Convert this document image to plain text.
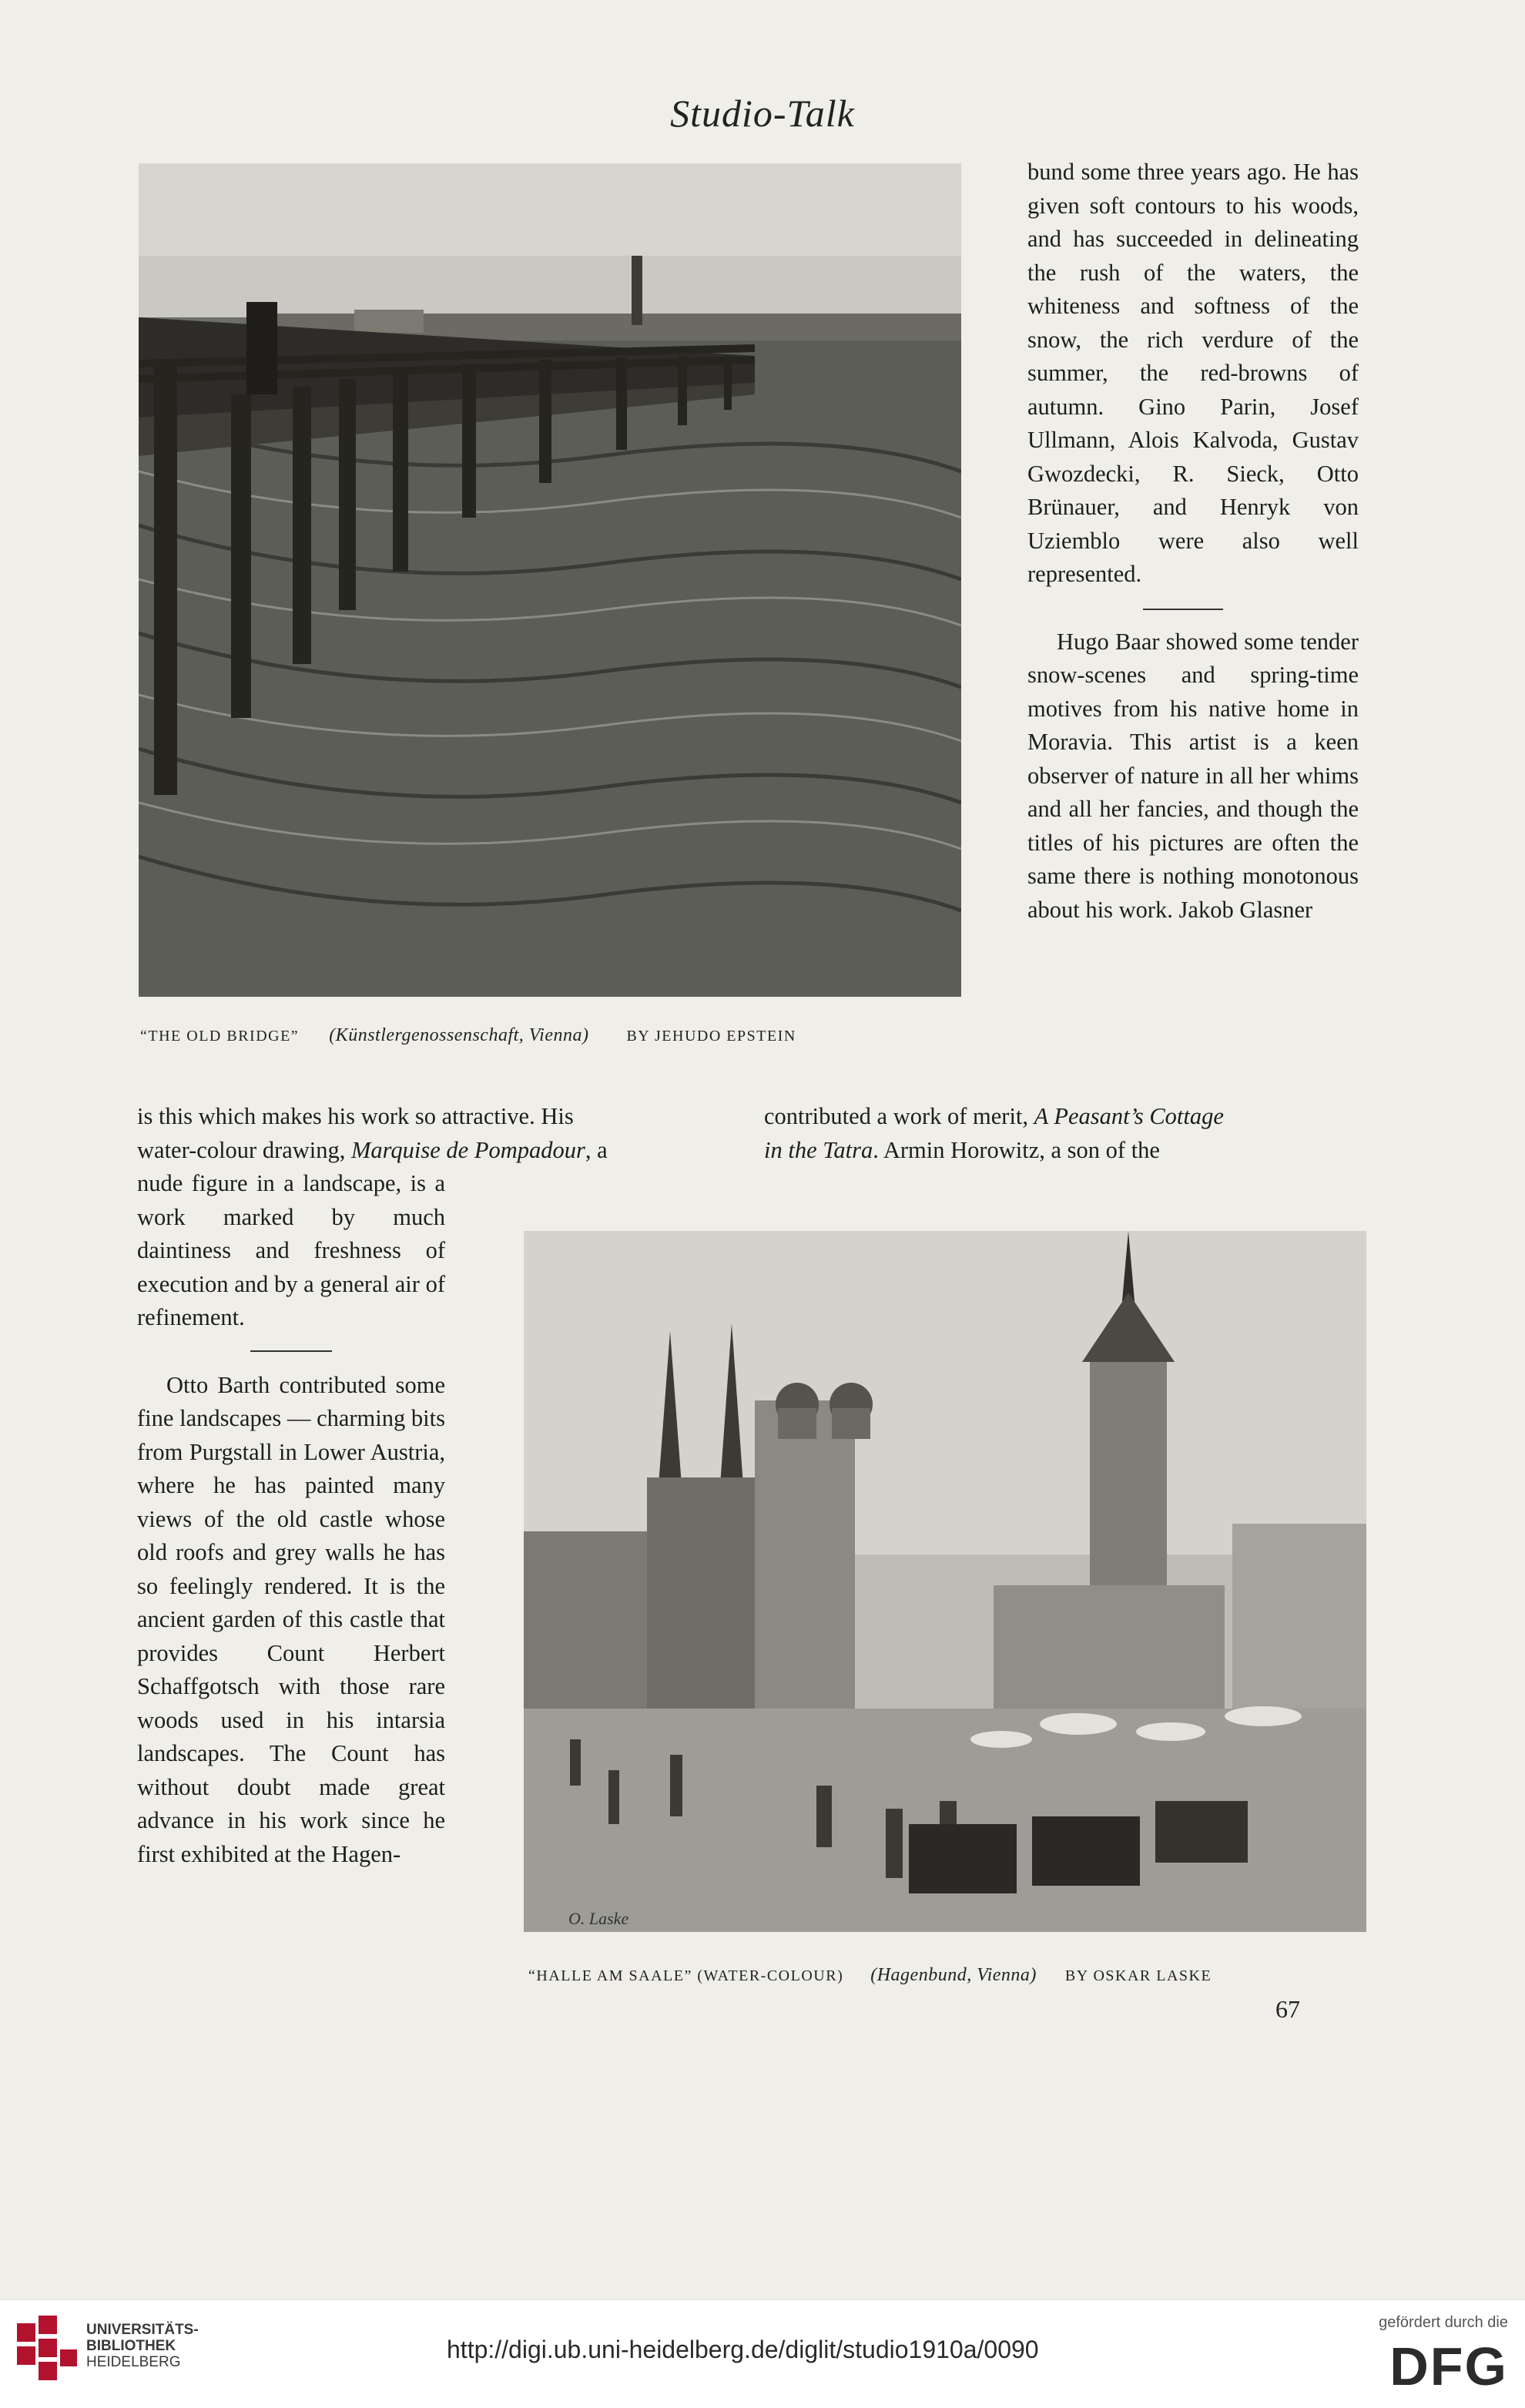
Studio-Talk
“THE OLD BRIDGE” (Künstlergenossenschaft, Vienna) BY JEHUDO EPSTEIN

bund some three years ago. He has given soft contours to his woods, and has succeeded in delineating the rush of the waters, the whiteness and softness of the snow, the rich verdure of the summer, the red-browns of autumn. Gino Parin, Josef Ullmann, Alois Kalvoda, Gustav Gwozdecki, R. Sieck, Otto Brünauer, and Henryk von Uziemblo were also well represented.

Hugo Baar showed some tender snow-scenes and spring-time motives from his native home in Moravia. This artist is a keen observer of nature in all her whims and all her fancies, and though the titles of his pictures are often the same there is nothing monotonous about his work. Jakob Glasner

is this which makes his work so attractive. His
water-colour drawing, Marquise de Pompadour, a
contributed a work of merit, A Peasant’s Cottage
in the Tatra. Armin Horowitz, a son of the

nude figure in a landscape, is a work marked by much daintiness and freshness of execution and by a general air of refinement.

Otto Barth contributed some fine landscapes — charming bits from Purgstall in Lower Austria, where he has painted many views of the old castle whose old roofs and grey walls he has so feelingly rendered. It is the ancient garden of this castle that provides Count Herbert Schaffgotsch with those rare woods used in his intarsia landscapes. The Count has without doubt made great advance in his work since he first exhibited at the Hagen-

O. Laske
“HALLE AM SAALE” (WATER-COLOUR) (Hagenbund, Vienna) BY OSKAR LASKE
67
UNIVERSITÄTS-
BIBLIOTHEK
HEIDELBERG	http://digi.ub.uni-heidelberg.de/diglit/studio1910a/0090
gefördert durch die
DFG
